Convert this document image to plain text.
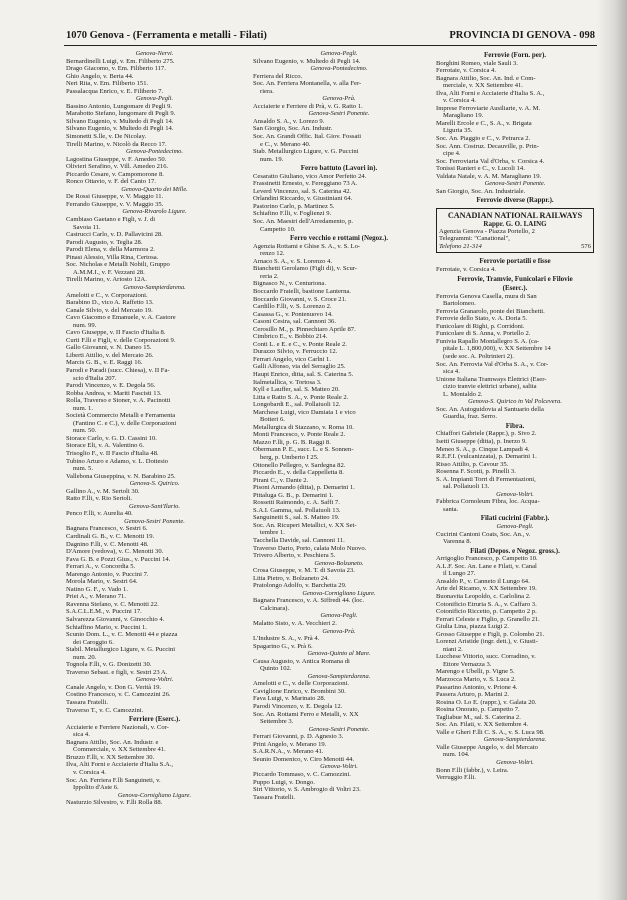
1070 Genova - (Ferramenta e metalli - Filati)	PROVINCIA DI GENOVA - 098
Genova-Nervi.
Bernardinelli Luigi, v. Em. Filiberto 275.
Drago Giacomo, v. Em. Filiberto 117.
Ghio Angelo, v. Berta 44.
Neri Rita, v. Em. Filiberto 151.
Passalacqua Enrico, v. E. Filiberto 7.
Genova-Pegli.
Bassino Antonio, Lungomare di Pegli 9.
Marabotto Stefano, lungomare di Pegli 9.
Silvano Eugenio, v. Multedo di Pegli 14.
Silvano Eugenio, v. Multedo di Pegli 14.
Simonetti S.lle, v. De Nicolay.
Tirelli Marino, v. Nicolò da Recco 17.
Genova-Pontedecimo.
Lagostina Giuseppe, v. F. Amedeo 50.
Olivieri Serafino, v. Vill. Amedeo 216.
Piccardo Cesare, v. Campomorone 8.
Ronco Ottavio, v. F. del Canto 17.
Genova-Quarto dei Mille.
De Rossi Giuseppe, v. V. Maggio 11.
Ferrando Giuseppe, v. V. Maggio 35.
Genova-Rivarolo Ligure.
Cambiaso Gaetano e Figli, v. J. di
Savoia 11.
Castrucci Carlo, v. D. Pallavicini 28.
Parodi Augusto, v. Teglia 28.
Parodi Elena, v. della Marmora 2.
Pinasi Alessio, Villa Rina, Certosa.
Soc. Nicholas e Metalli Nobili, Gruppo
A.M.M.I., v. F. Vezzani 28.
Tirelli Marino, v. Ariosto 12A.
Genova-Sampierdarena.
Amelotti e C., v. Corporazioni.
Barabino D., vico A. Raffetto 13.
Canale Silvio, v. del Mercato 19.
Cavo Giacomo e Emanuele, v. A. Castore
num. 99.
Cavo Giuseppe, v. II Fascio d'Italia 8.
Curti F.lli e Figli, v. delle Corporazioni 9.
Gallo Giovanni, v. N. Daneo 15.
Liberti Attilio, v. del Mercato 26.
Marcis G. B., v. E. Raggi 16.
Parodi e Paradi (succ. Chiesa), v. II Fa-
scio d'Italia 207.
Parodi Vincenzo, v. E. Degola 56.
Robba Andrea, v. Mariti Fascisti 13.
Rolla, Traverso e Stoner, v. A. Pacinotti
num. 1.
Società Commercio Metalli e Ferramenta
(Fantino C. e C.), v. delle Corporazioni
num. 50.
Storace Carlo, v. G. D. Cassini 10.
Storace Eli, v. A. Valentino 6.
Trisoglio F., v. II Fascio d'Italia 48.
Tubino Arturo e Adamo, v. L. Dottesio
num. 5.
Vallebona Giuseppina, v. N. Barabino 25.
Genova-S. Quirico.
Gallino A., v. M. Sertoli 30.
Ratto F.lli, v. Rio Sertoli.
Genova-Sant'Ilario.
Penco F.lli, v. Aurelia 40.
Genova-Sestri Ponente.
Bagnara Francesco, v. Sestri 6.
Cardinali G. B., v. C. Menotti 19.
Dagnino F.lli, v. C. Menotti 48.
D'Amore (vedova), v. C. Menotti 30.
Fava G. B. e Pozzi Gius., v. Puccini 14.
Ferrari A., v. Concordia 5.
Marengo Antonio, v. Puccini 7.
Morola Mario, v. Sestri 64.
Natino G. F., v. Vado 1.
Priei A., v. Merano 71.
Ravenna Stefano, v. C. Menotti 22.
S.A.C.L.E.M., v. Puccini 17.
Salvarezza Giovanni, v. Ginocchio 4.
Schiaffino Mario, v. Puccini 1.
Scunio Dom. L., v. C. Menotti 44 e piazza
dei Caroggio 6.
Stabil. Metallurgico Ligure, v. G. Puccini
num. 20.
Tognola F.lli, v. G. Donizetti 30.
Traverso Sebast. e figli, v. Sestri 23 A.
Genova-Voltri.
Canale Angelo, v. Don G. Verità 19.
Costino Francesco, v. C. Camozzini 26.
Tassara Fratelli.
Traverso T., v. C. Camozzini.
Ferriere (Eserc.).
Acciaierie e Ferriere Nazionali, v. Cor-
sica 4.
Bagnara Attilio, Soc. An. Industr. e
Commerciale, v. XX Settembre 41.
Bruzzo F.lli, v. XX Settembre 30.
Ilva, Alti Forni e Acciaierie d'Italia S.A.,
v. Corsica 4.
Soc. An. Ferriera F.lli Sanguineti, v.
Ippolito d'Aste 6.
Genova-Cornigliano Ligure.
Nasturzio Silvestro, v. F.lli Rolla 88.
Genova-Pegli.
Silvano Eugenio, v. Multedo di Pegli 14.
Genova-Pontedecimo.
Ferriera del Ricco.
Soc. An. Ferriera Montanella, v. alla Fer-
riera.
Genova-Prà.
Acciaierie e Ferriere di Prà, v. G. Ratto 1.
Genova-Sestri Ponente.
Ansaldo S. A., v. Lorezo 9.
San Giorgio, Soc. An. Industr.
Soc. An. Grandi Offic. Ital. Giov. Fossati
e C., v. Merano 40.
Stab. Metallurgico Ligure, v. G. Puccini
num. 19.
Ferro battuto (Lavori in).
Cesaratto Giuliano, vico Amor Perfetto 24.
Frassinetti Ernesto, v. Fereggiano 73 A.
Leverd Vincenzo, sal. S. Caterina 42.
Orlandini Riccardo, v. Giustiniani 64.
Pastorino Carlo, p. Martinez 5.
Schiafino F.lli, v. Foglienzi 9.
Soc. An. Maestri dell'Arredamento, p.
Campetto 10.
Ferro vecchio e rottami (Negoz.).
Agenzia Rottami e Ghise S. A., v. S. Lo-
renzo 12.
Arnaco S. A., v. S. Lorenzo 4.
Bianchetti Gerolamo (Figli di), v. Scur-
reria 2.
Bignasco N., v. Centuriona.
Boccardo Fratelli, bastione Lanterna.
Boccardo Giovanni, v. S. Croce 21.
Cardillo F.lli, v. S. Lorenzo 2.
Casassa G., v. Pontenuovo 14.
Casoni Cesira, sal. Cannoni 36.
Cerosillo M., p. Pinnechiaro Aprile 87.
Cimbrico E., v. Bobbio 214.
Conti L. e E. e C., v. Ponte Reale 2.
Durazzo Silvio, v. Ferruccio 12.
Ferrari Angelo, vico Carlni 1.
Galli Alfonso, via del Serraglio 25.
Haupt Enrico, ditta, sal. S. Caterina 5.
Italmetallica, v. Tortosa 3.
Kyll e Lauffer, sal. S. Matteo 20.
Litta e Ratto S. A., v. Ponte Reale 2.
Longobardi E., sal. Pollaiuoli 12.
Marchese Luigi, vico Damiata 1 e vico
Botteri 6.
Metallurgica di Stazzano, v. Roma 10.
Monti Francesco, v. Ponte Reale 2.
Mazzo F.lli, p. G. B. Raggi 8.
Obermann P. E., succ. L. e S. Sonnen-
berg, p. Umberto I 25.
Ottonello Pellegro, v. Sardegna 82.
Piccardo E., v. della Cappelletta 8.
Pirani C., v. Dante 2.
Pisoni Armando (ditta), p. Demarini 1.
Pittaluga G. B., p. Demarini 1.
Rossetti Raimondo, c. A. Saffi 7.
S.A.I. Gamma, sal. Pollaiuoli 13.
Sanguinetti S., sal. S. Matteo 19.
Soc. An. Ricuperi Metallici, v. XX Set-
tembre 1.
Tacchella Davide, sal. Cannoni 11.
Traverso Dario, Porto, calata Molo Nuovo.
Trivero Alberto, v. Peschiera 5.
Genova-Bolzaneto.
Crosa Giuseppe, v. M. T. di Savoia 23.
Litta Pietro, v. Bolzaneto 24.
Pratolongo Adolfo, v. Barchetta 29.
Genova-Cornigliano Ligure.
Bagnara Francesco, v. A. Siffredi 44. (loc.
Calcinara).
Genova-Pegli.
Malatto Sisto, v. A. Vecchieri 2.
Genova-Prà.
L'Industre S. A., v. Prà 4.
Spagarino G., v. Prà 6.
Genova-Quinto al Mare.
Causa Augusto, v. Antica Romana di
Quinto 102.
Genova-Sampierdarena.
Amelotti e C., v. delle Corporazioni.
Caviglione Enrico, v. Brombini 30.
Fava Luigi, v. Marinaio 28.
Parodi Vincenzo, v. E. Degola 12.
Soc. An. Rottami Ferro e Metalli, v. XX
Settembre 3.
Genova-Sestri Ponente.
Ferrari Giovanni, p. D. Agnesio 3.
Prini Angelo, v. Merano 19.
S.A.R.N.A., v. Merano 41.
Seunio Domenico, v. Ciro Menotti 44.
Genova-Voltri.
Piccardo Tommaso, v. C. Camozzini.
Puppo Luigi, v. Dongo.
Siri Vittorio, v. S. Ambrogio di Voltri 23.
Tassara Fratelli.
Ferrovie (Forn. per).
Borghini Romeo, viale Sauli 3.
Ferrotaie, v. Corsica 4.
Bagnara Attilio, Soc. An. Ind. e Com-
merciale, v. XX Settembre 41.
Ilva, Alti Forni e Acciaierie d'Italia S. A.,
v. Corsica 4.
Imprese Ferroviarie Ausiliarie, v. A. M.
Maragliano 19.
Marelli Ercole e C., S. A., v. Brigata
Liguria 35.
Soc. An. Piaggio e C., v. Petrarca 2.
Soc. Ann. Costruz. Decauville, p. Prin-
cipe 4.
Soc. Ferroviaria Val d'Orba, v. Corsica 4.
Tonissi Ranieri e C., v. Lucoli 14.
Valdata Natale, v. A. M. Maragliano 19.
Genova-Sestri Ponente.
San Giorgio, Soc. An. Industriale.
Ferrovie diverse (Rappr.).
CANADIAN NATIONAL RAILWAYS
Rappr. G. O. LAING
Agenzia Genova - Piazza Portello, 2
Telegrammi: "Canational",
576
Telefono 21-314
Ferrovie portatili e fisse
Ferrotaie, v. Corsica 4.
Ferrovie, Tramvie, Funicolari e Filovie
(Eserc.).
Ferrovia Genova Casella, mura di San
Bartolomeo.
Ferrovia Granarolo, ponte dei Bianchetti.
Ferrovie dello Stato, v. A. Doria 5.
Funicolare di Righi, p. Corridoni.
Funicolare di S. Anna, v. Portello 2.
Funivia Rapallo Montallegro S. A. (ca-
pitale L. 1,800,000), v. XX Settembre 14
(sede soc. A. Poltrinieri 2).
Soc. An. Ferrovia Val d'Orba S. A., v. Cor-
sica 4.
Unione Italiana Tramways Elettrici (Eser-
cizio tranvie elettrici urbane), salita
L. Montaldo 2.
Genova-S. Quirico in Val Polcevera.
Soc. An. Autoguidovia al Santuario della
Guardia, fraz. Serro.
Fibra.
Chiaffori Gabriele (Rappr.), p. Sivo 2.
Isetti Giuseppe (ditta), p. Inerzo 9.
Meneo S. A., p. Cinque Lampadi 4.
R.E.F.I. (vulcanizzata), p. Demarini 1.
Risso Attilio, p. Cavour 35.
Rosenna F. Scotti, p. Pinelli 3.
S. A. Impianti Torri di Fermentazioni,
sal. Pollaiuoli 13.
Genova-Voltri.
Fabbrica Cornoleum Fibra, loc. Acqua-
santa.
Filati cucirini (Fabbr.).
Genova-Pegli.
Cucirini Cantoni Coats, Soc. An., v.
Varenna 8.
Filati (Depos. e Negoz. gross.).
Arrigoglio Francesco, p. Campetto 10.
A.L.F. Soc. An. Lane e Filati, v. Canal
il Lungo 27.
Ansaldo P., v. Canneto il Lungo 64.
Arte del Ricamo, v. XX Settembre 19.
Buonavita Leopoldo, c. Carlolina 2.
Cotonificio Etruria S. A., v. Caffaro 3.
Cotonificio Riccetto, p. Campetto 2 p.
Ferrari Celeste e Figlio, p. Granello 21.
Giulia Lina, piazza Luigi 2.
Grosso Giuseppe e Figli, p. Colombo 21.
Lorenzi Aristide (ingr. dett.), v. Giusti-
niani 2.
Lucchese Vittorio, succ. Corradino, v.
Ettore Vernazza 3.
Marengo e Ubelli, p. Vigne 5.
Marzocca Mario, v. S. Luca 2.
Passarino Antonio, v. Prione 4.
Passera Arturo, p. Marini 2.
Rosina O. Lo E. (rappr.), v. Galata 20.
Rosina Onorato, p. Campetto 7.
Tagliabue M., sal. S. Caterina 2.
Soc. An. Filati, v. XX Settembre 4.
Valle e Gheri F.lli C. S. A., v. S. Luca 98.
Genova-Sampierdarena.
Valle Giuseppe Angelo, v. del Mercato
num. 104.
Genova-Voltri.
Bonn F.lli (fabbr.), v. Leira.
Verruggio F.lli.
